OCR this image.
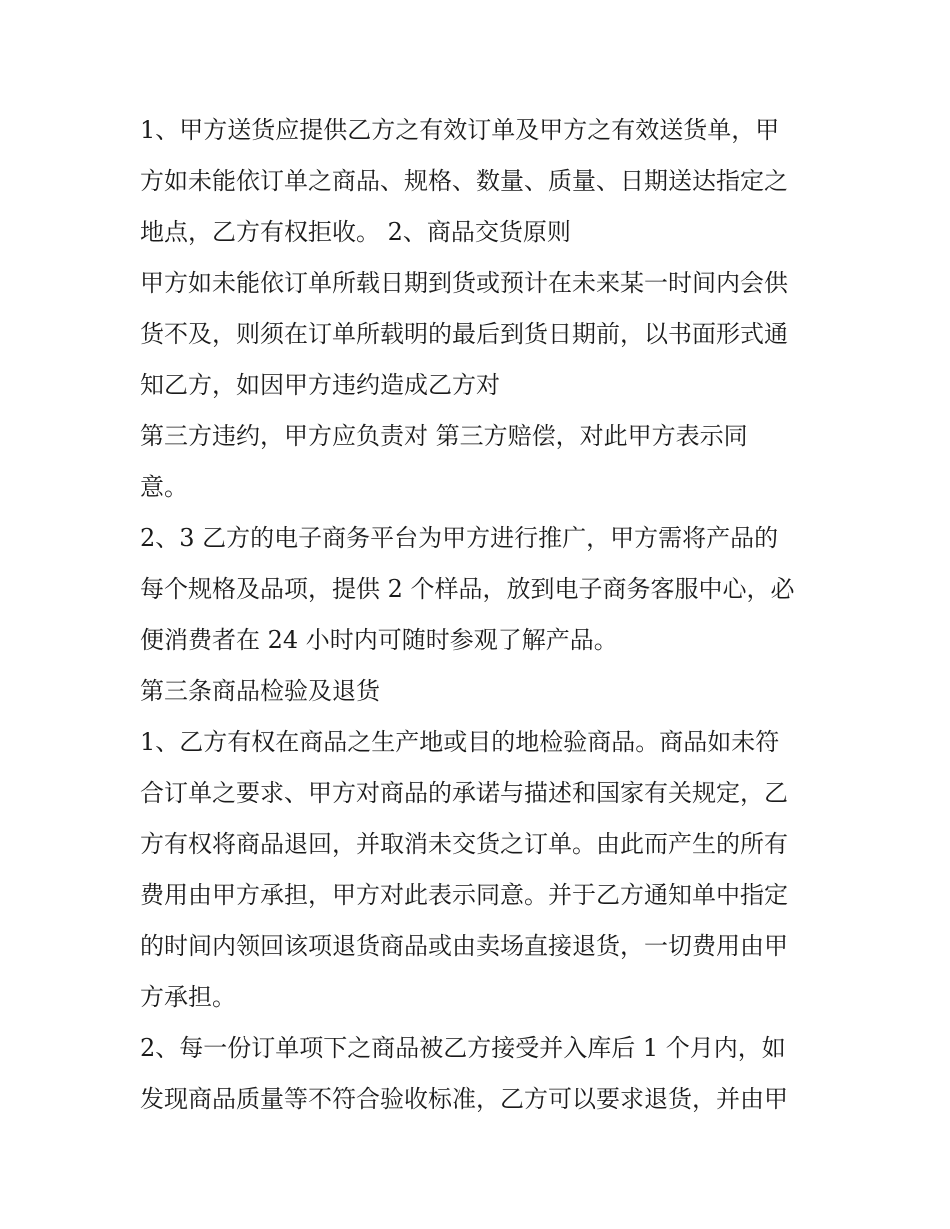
1、甲方送货应提供乙方之有效订单及甲方之有效送货单，甲
方如未能依订单之商品、规格、数量、质量、日期送达指定之
地点，乙方有权拒收。 2、商品交货原则
甲方如未能依订单所载日期到货或预计在未来某一时间内会供
货不及，则须在订单所载明的最后到货日期前，以书面形式通
知乙方，如因甲方违约造成乙方对
第三方违约，甲方应负责对 第三方赔偿，对此甲方表示同
意。
2、3 乙方的电子商务平台为甲方进行推广，甲方需将产品的
每个规格及品项，提供 2 个样品，放到电子商务客服中心，必
便消费者在 24 小时内可随时参观了解产品。
第三条商品检验及退货
1、乙方有权在商品之生产地或目的地检验商品。商品如未符
合订单之要求、甲方对商品的承诺与描述和国家有关规定，乙
方有权将商品退回，并取消未交货之订单。由此而产生的所有
费用由甲方承担，甲方对此表示同意。并于乙方通知单中指定
的时间内领回该项退货商品或由卖场直接退货，一切费用由甲
方承担。
2、每一份订单项下之商品被乙方接受并入库后 1 个月内，如
发现商品质量等不符合验收标准，乙方可以要求退货，并由甲
